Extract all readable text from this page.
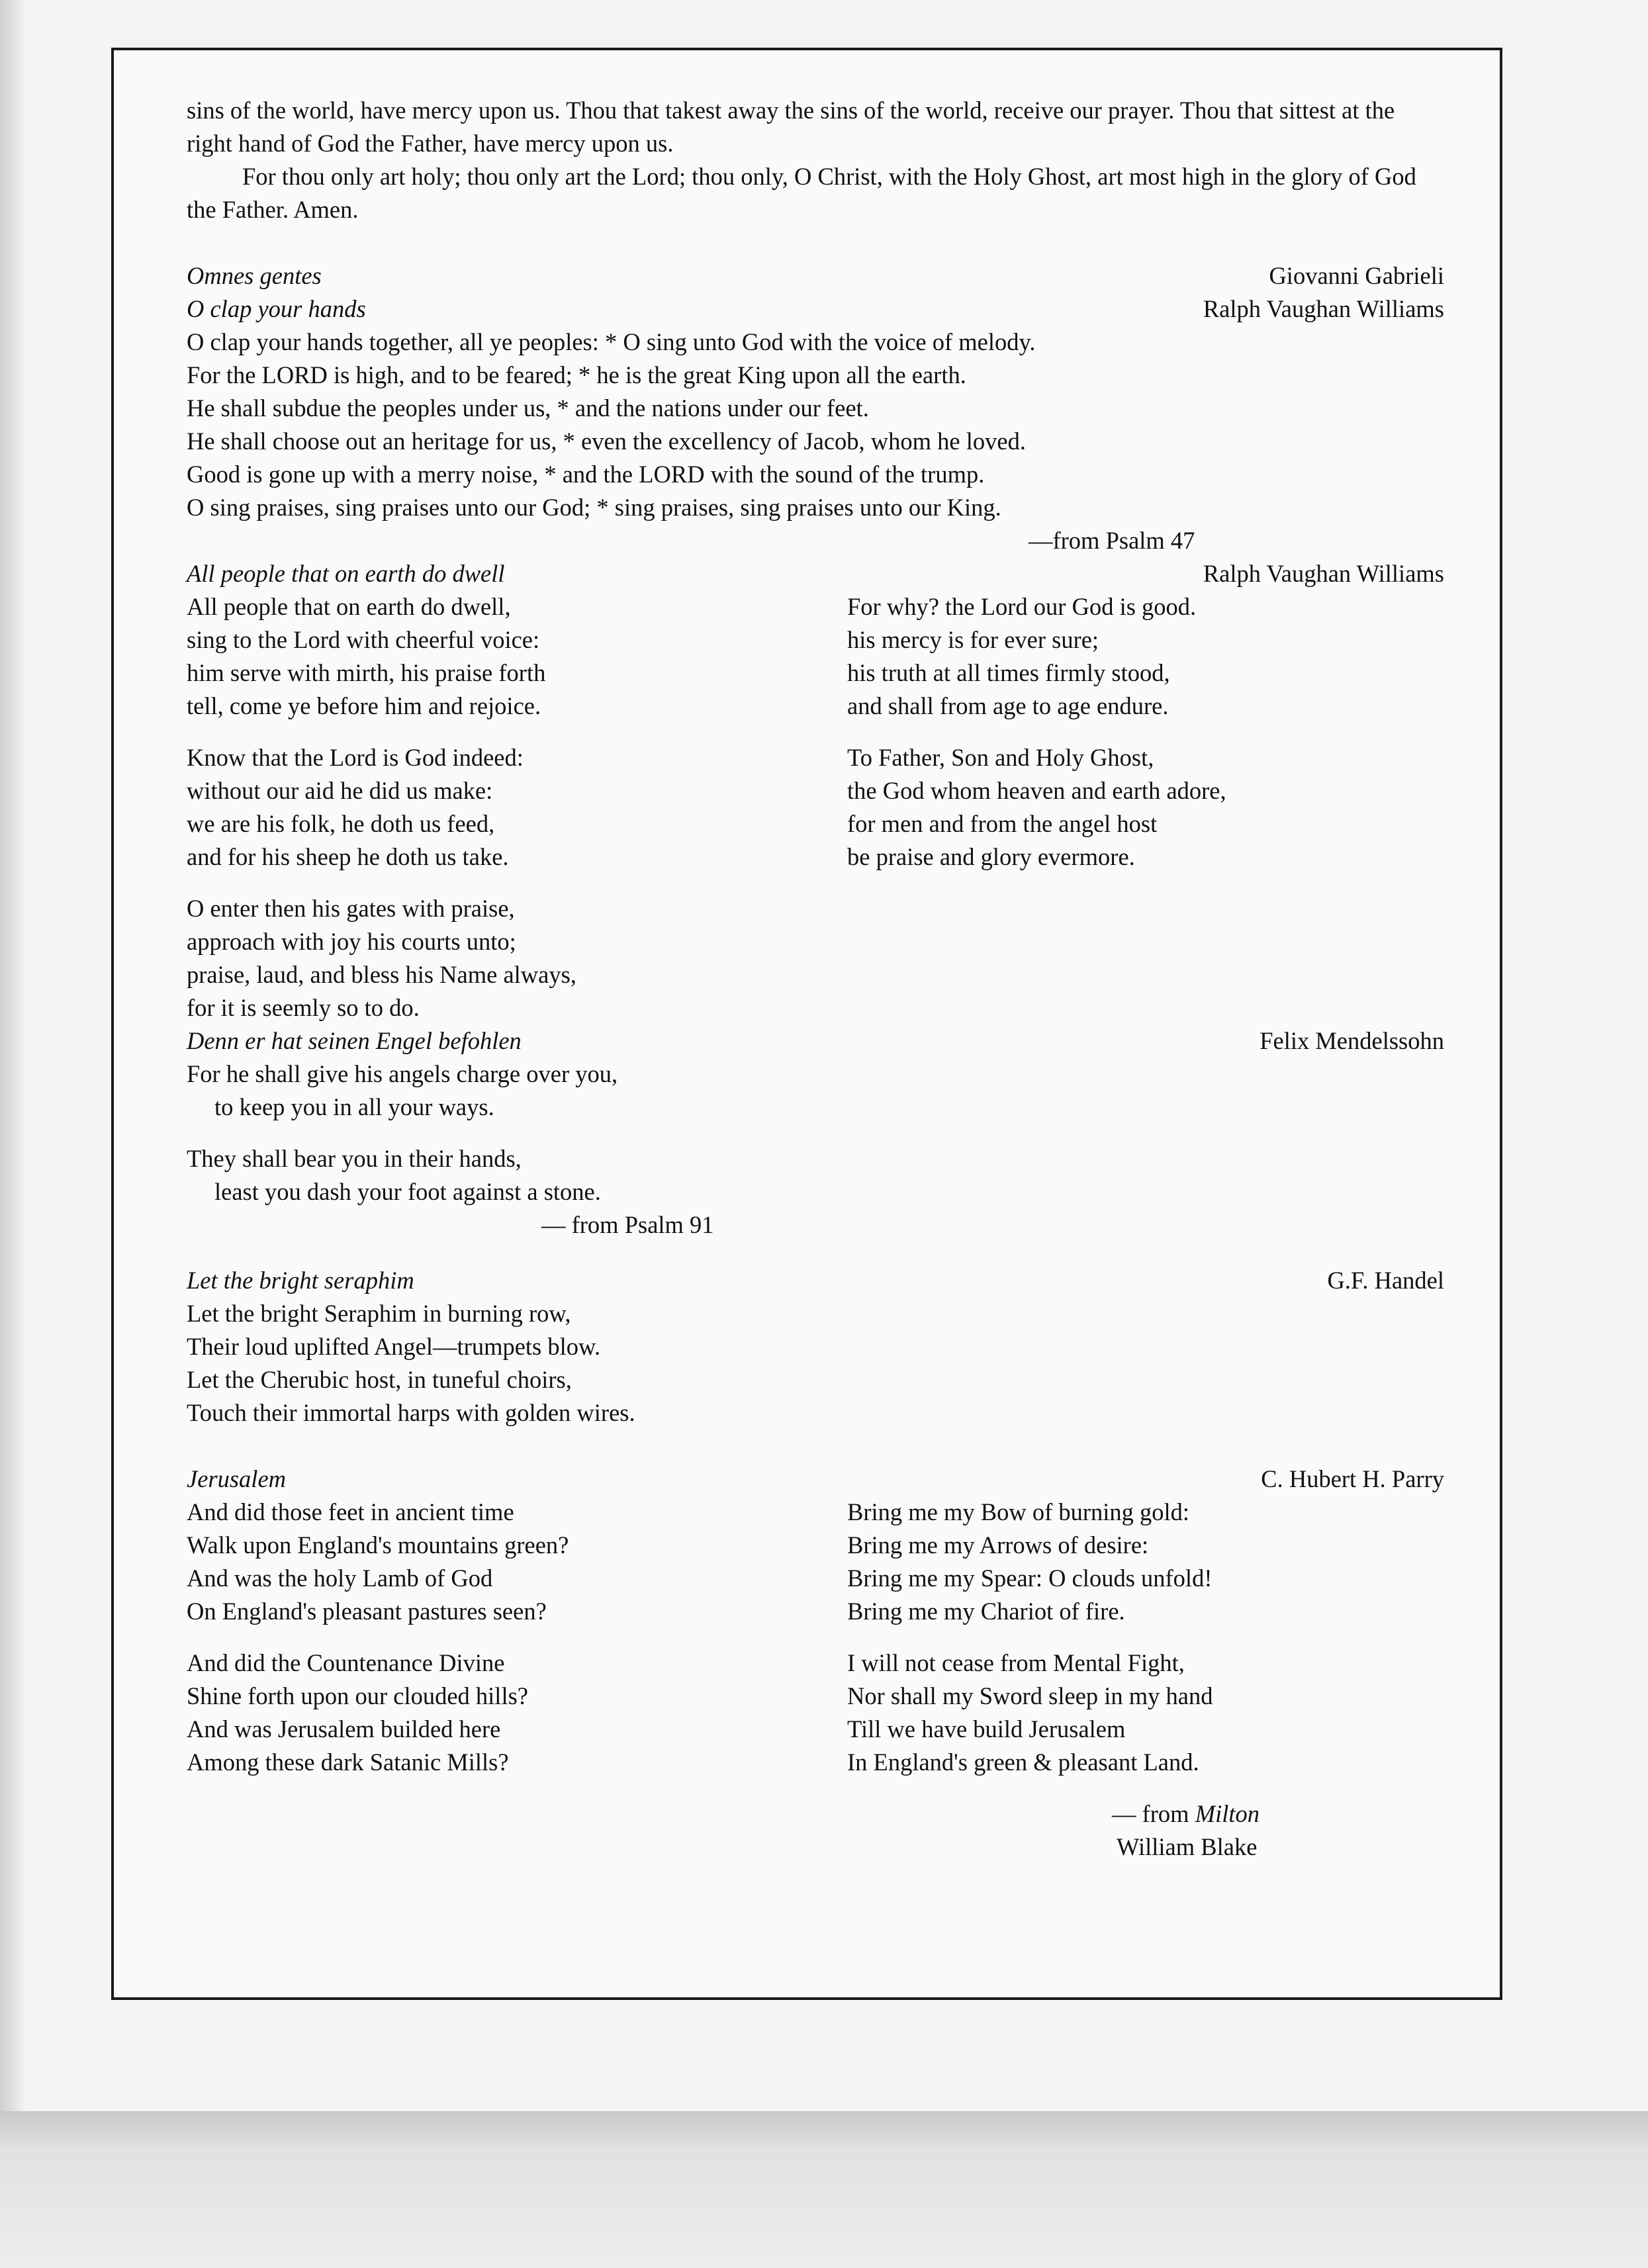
sins of the world, have mercy upon us. Thou that takest away the sins of the world, receive our prayer. Thou that sittest at the right hand of God the Father, have mercy upon us.

For thou only art holy; thou only art the Lord; thou only, O Christ, with the Holy Ghost, art most high in the glory of God the Father. Amen.

Omnes gentes	Giovanni Gabrieli
O clap your hands	Ralph Vaughan Williams
O clap your hands together, all ye peoples: * O sing unto God with the voice of melody.
For the LORD is high, and to be feared; * he is the great King upon all the earth.
He shall subdue the peoples under us, * and the nations under our feet.
He shall choose out an heritage for us, * even the excellency of Jacob, whom he loved.
Good is gone up with a merry noise, * and the LORD with the sound of the trump.
O sing praises, sing praises unto our God; * sing praises, sing praises unto our King.
—from Psalm 47
All people that on earth do dwell	Ralph Vaughan Williams
All people that on earth do dwell,
sing to the Lord with cheerful voice:
him serve with mirth, his praise forth
tell, come ye before him and rejoice.
Know that the Lord is God indeed:
without our aid he did us make:
we are his folk, he doth us feed,
and for his sheep he doth us take.
O enter then his gates with praise,
approach with joy his courts unto;
praise, laud, and bless his Name always,
for it is seemly so to do.
For why? the Lord our God is good.
his mercy is for ever sure;
his truth at all times firmly stood,
and shall from age to age endure.
To Father, Son and Holy Ghost,
the God whom heaven and earth adore,
for men and from the angel host
be praise and glory evermore.
Denn er hat seinen Engel befohlen	Felix Mendelssohn
For he shall give his angels charge over you,
to keep you in all your ways.
They shall bear you in their hands,
least you dash your foot against a stone.
— from Psalm 91
Let the bright seraphim	G.F. Handel
Let the bright Seraphim in burning row,
Their loud uplifted Angel—trumpets blow.
Let the Cherubic host, in tuneful choirs,
Touch their immortal harps with golden wires.
Jerusalem	C. Hubert H. Parry
And did those feet in ancient time
Walk upon England's mountains green?
And was the holy Lamb of God
On England's pleasant pastures seen?
And did the Countenance Divine
Shine forth upon our clouded hills?
And was Jerusalem builded here
Among these dark Satanic Mills?
Bring me my Bow of burning gold:
Bring me my Arrows of desire:
Bring me my Spear: O clouds unfold!
Bring me my Chariot of fire.
I will not cease from Mental Fight,
Nor shall my Sword sleep in my hand
Till we have build Jerusalem
In England's green & pleasant Land.
— from Milton
William Blake
